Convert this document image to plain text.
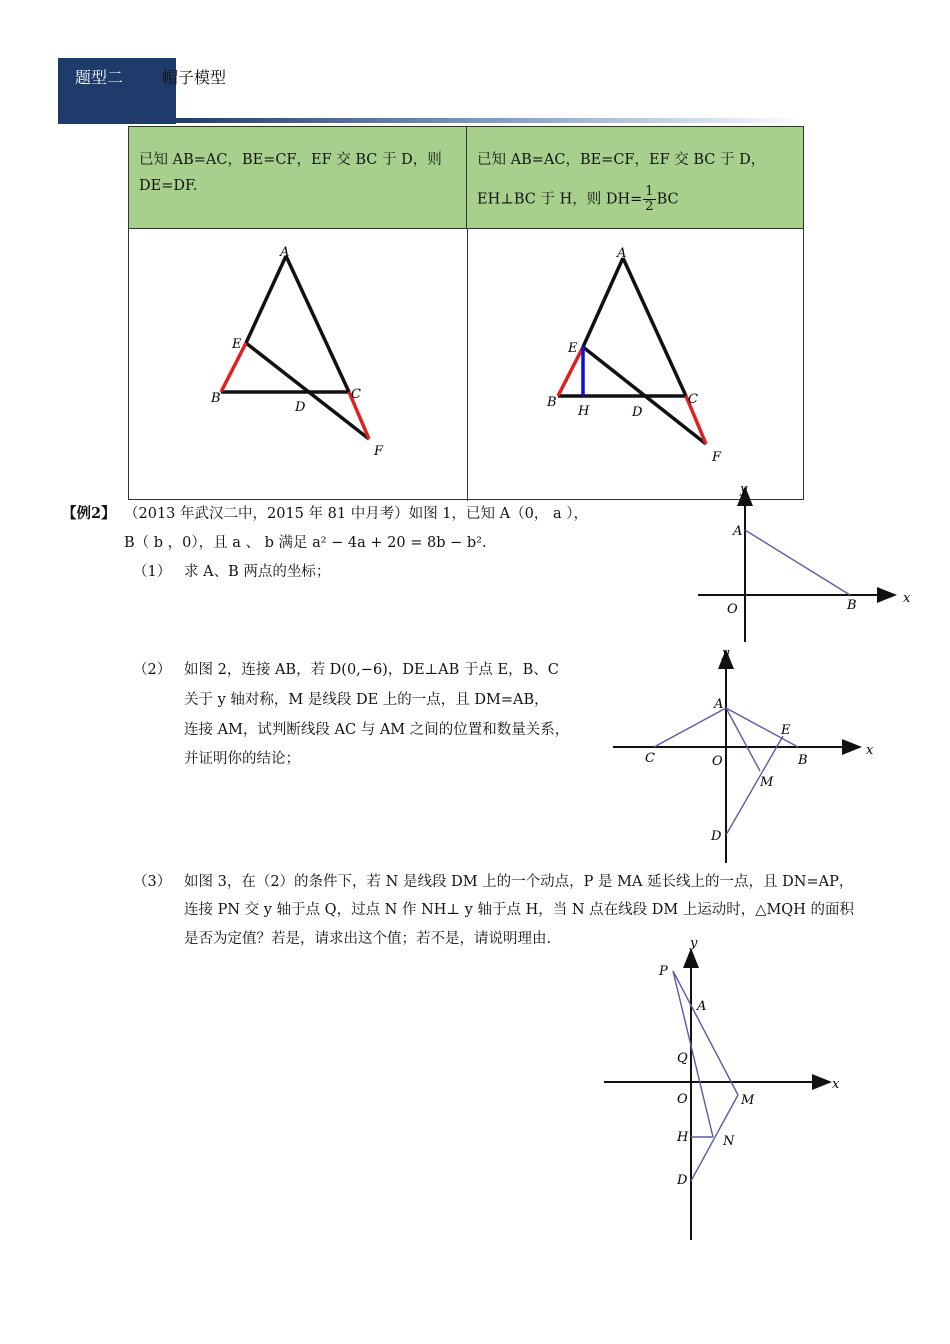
题型二 帽子模型
已知 AB=AC，BE=CF，EF 交 BC 于 D，则
DE=DF.
已知 AB=AC，BE=CF，EF 交 BC 于 D，
EH⊥BC 于 H，则 $DH= \frac{1}{2}$ BC
A
E
B	C
D
F
A
E
B
H
C
D
F
【例2】 （2013 年武汉二中，2015 年 81 中月考）如图 1，已知 A（0， a ），
B（ b ，0），且 a 、 b 满足 a² − 4a + 20 = 8b − b².
（1） 求 A、B 两点的坐标；
（2） 如图 2，连接 AB，若 D(0,−6)，DE⊥AB 于点 E，B、C
关于 y 轴对称，M 是线段 DE 上的一点，且 DM=AB，
连接 AM，试判断线段 AC 与 AM 之间的位置和数量关系，
并证明你的结论；
（3） 如图 3，在（2）的条件下，若 N 是线段 DM 上的一个动点，P 是 MA 延长线上的一点，且 DN=AP，
连接 PN 交 y 轴于点 Q，过点 N 作 NH⊥ y 轴于点 H，当 N 点在线段 DM 上运动时，△MQH 的面积
是否为定值？若是，请求出这个值；若不是，请说明理由.
y
x
A
O	B
y
x
A
E
C	O	B
M
D
y
x
P
A
Q
O	M
H	N
D
